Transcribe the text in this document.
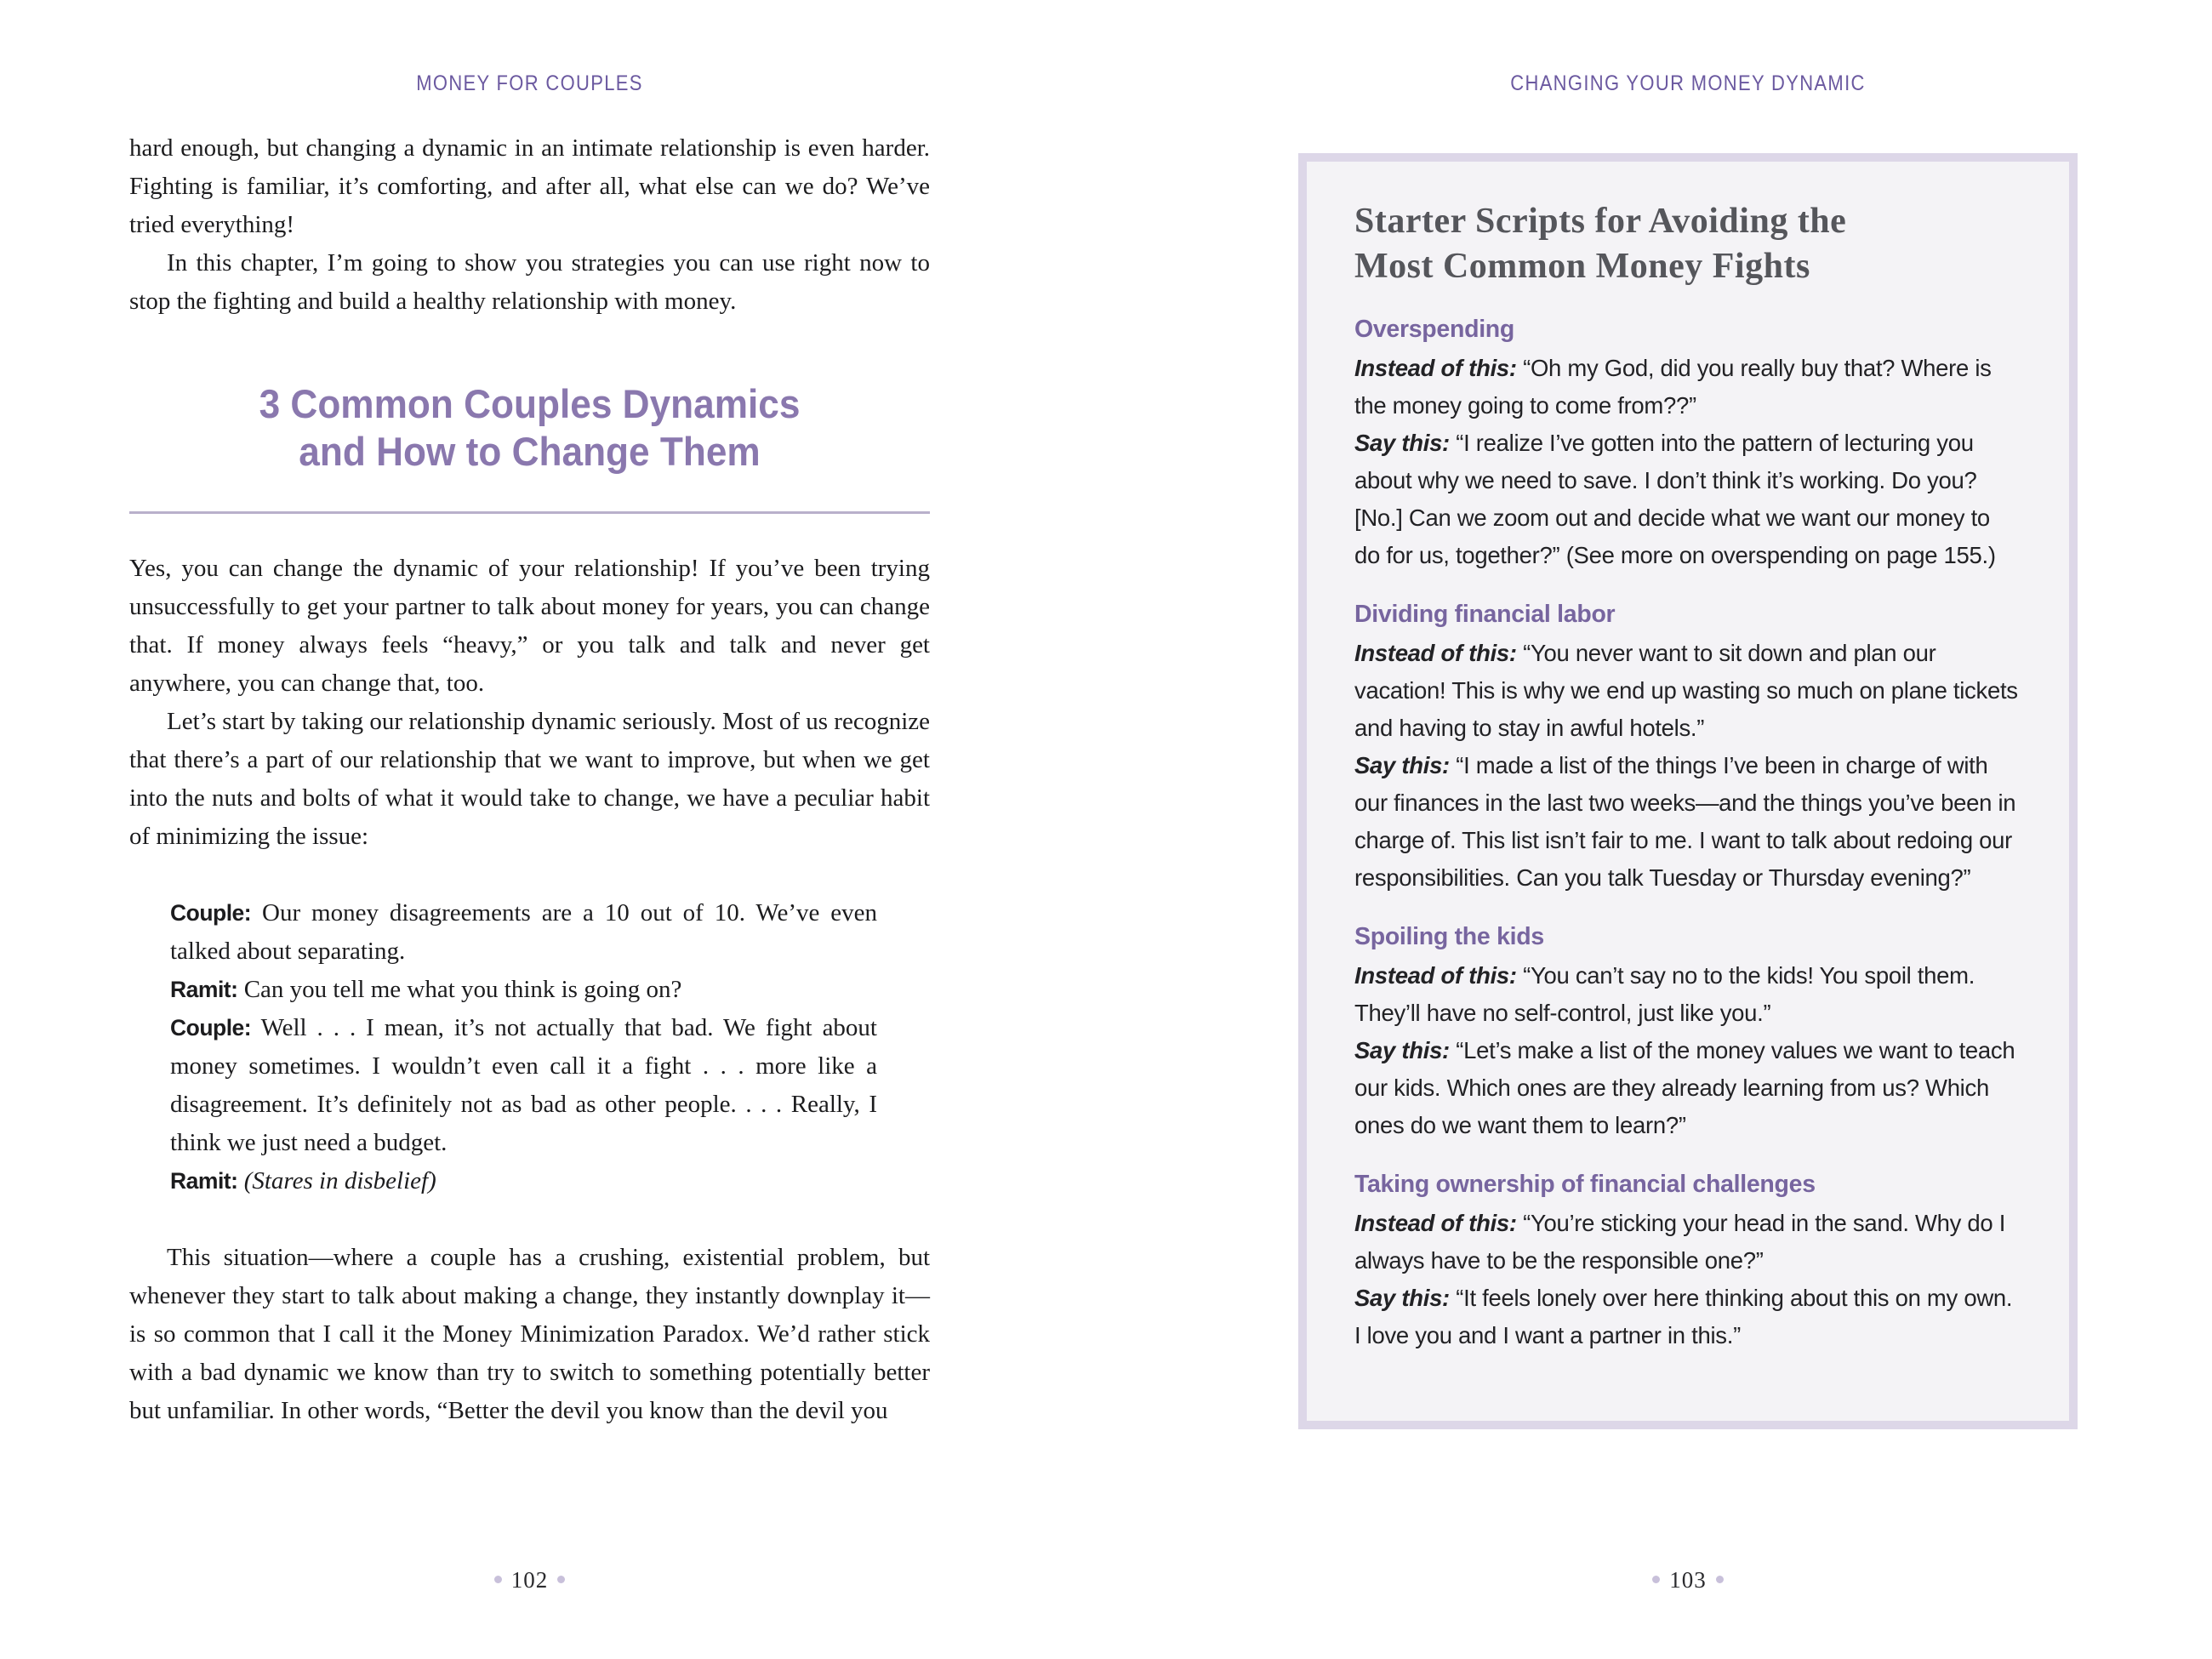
MONEY FOR COUPLES

hard enough, but changing a dynamic in an intimate relationship is even harder. Fighting is familiar, it’s comforting, and after all, what else can we do? We’ve tried everything!

In this chapter, I’m going to show you strategies you can use right now to stop the fighting and build a healthy relationship with money.

3 Common Couples Dynamics
and How to Change Them

Yes, you can change the dynamic of your relationship! If you’ve been trying unsuccessfully to get your partner to talk about money for years, you can change that. If money always feels “heavy,” or you talk and talk and never get anywhere, you can change that, too.

Let’s start by taking our relationship dynamic seriously. Most of us recognize that there’s a part of our relationship that we want to improve, but when we get into the nuts and bolts of what it would take to change, we have a peculiar habit of minimizing the issue:

Couple: Our money disagreements are a 10 out of 10. We’ve even talked about separating.

Ramit: Can you tell me what you think is going on?

Couple: Well . . . I mean, it’s not actually that bad. We fight about money sometimes. I wouldn’t even call it a fight . . . more like a disagreement. It’s definitely not as bad as other people. . . . Really, I think we just need a budget.

Ramit: (Stares in disbelief)

This situation—where a couple has a crushing, existential problem, but whenever they start to talk about making a change, they instantly downplay it—is so common that I call it the Money Minimization Paradox. We’d rather stick with a bad dynamic we know than try to switch to something potentially better but unfamiliar. In other words, “Better the devil you know than the devil you

102
CHANGING YOUR MONEY DYNAMIC
Starter Scripts for Avoiding the
Most Common Money Fights
Overspending

Instead of this: “Oh my God, did you really buy that? Where is the money going to come from??”

Say this: “I realize I’ve gotten into the pattern of lecturing you about why we need to save. I don’t think it’s working. Do you? [No.] Can we zoom out and decide what we want our money to do for us, together?” (See more on overspending on page 155.)

Dividing financial labor

Instead of this: “You never want to sit down and plan our vacation! This is why we end up wasting so much on plane tickets and having to stay in awful hotels.”

Say this: “I made a list of the things I’ve been in charge of with our finances in the last two weeks—and the things you’ve been in charge of. This list isn’t fair to me. I want to talk about redoing our responsibilities. Can you talk Tuesday or Thursday evening?”

Spoiling the kids

Instead of this: “You can’t say no to the kids! You spoil them. They’ll have no self-control, just like you.”

Say this: “Let’s make a list of the money values we want to teach our kids. Which ones are they already learning from us? Which ones do we want them to learn?”

Taking ownership of financial challenges

Instead of this: “You’re sticking your head in the sand. Why do I always have to be the responsible one?”

Say this: “It feels lonely over here thinking about this on my own. I love you and I want a partner in this.”

103
